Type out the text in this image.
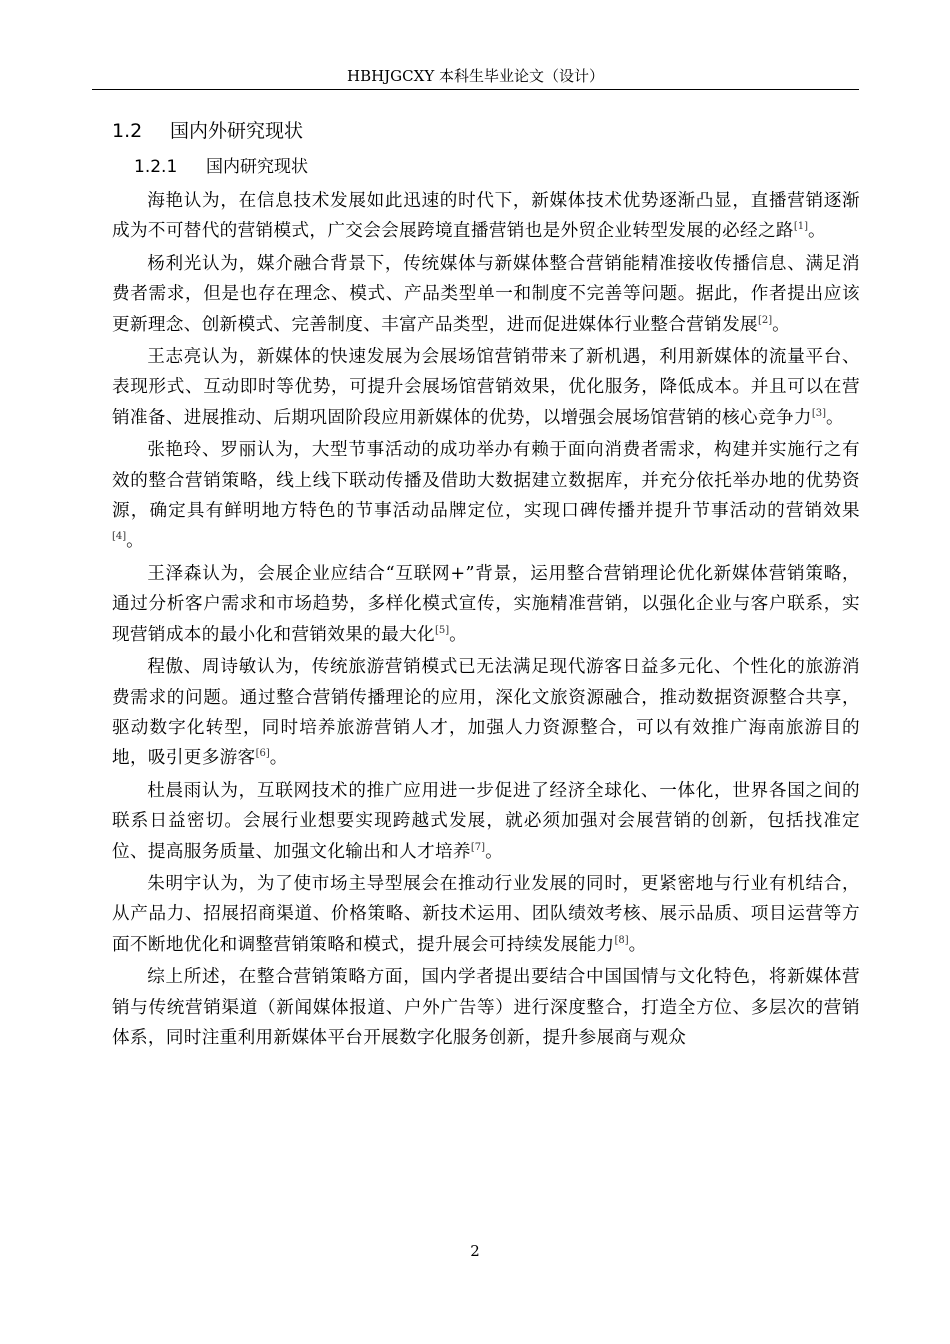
HBHJGCXY 本科生毕业论文（设计）
1.2	国内外研究现状
1.2.1	国内研究现状

海艳认为，在信息技术发展如此迅速的时代下，新媒体技术优势逐渐凸显，直播营销逐渐成为不可替代的营销模式，广交会会展跨境直播营销也是外贸企业转型发展的必经之路[1]。

杨利光认为，媒介融合背景下，传统媒体与新媒体整合营销能精准接收传播信息、满足消费者需求，但是也存在理念、模式、产品类型单一和制度不完善等问题。据此，作者提出应该更新理念、创新模式、完善制度、丰富产品类型，进而促进媒体行业整合营销发展[2]。

王志亮认为，新媒体的快速发展为会展场馆营销带来了新机遇，利用新媒体的流量平台、表现形式、互动即时等优势，可提升会展场馆营销效果，优化服务，降低成本。并且可以在营销准备、进展推动、后期巩固阶段应用新媒体的优势，以增强会展场馆营销的核心竞争力[3]。

张艳玲、罗丽认为，大型节事活动的成功举办有赖于面向消费者需求，构建并实施行之有效的整合营销策略，线上线下联动传播及借助大数据建立数据库，并充分依托举办地的优势资源，确定具有鲜明地方特色的节事活动品牌定位，实现口碑传播并提升节事活动的营销效果[4]。

王泽森认为，会展企业应结合“互联网+”背景，运用整合营销理论优化新媒体营销策略，通过分析客户需求和市场趋势，多样化模式宣传，实施精准营销，以强化企业与客户联系，实现营销成本的最小化和营销效果的最大化[5]。

程傲、周诗敏认为，传统旅游营销模式已无法满足现代游客日益多元化、个性化的旅游消费需求的问题。通过整合营销传播理论的应用，深化文旅资源融合，推动数据资源整合共享，驱动数字化转型，同时培养旅游营销人才，加强人力资源整合，可以有效推广海南旅游目的地，吸引更多游客[6]。

杜晨雨认为，互联网技术的推广应用进一步促进了经济全球化、一体化，世界各国之间的联系日益密切。会展行业想要实现跨越式发展，就必须加强对会展营销的创新，包括找准定位、提高服务质量、加强文化输出和人才培养[7]。

朱明宇认为，为了使市场主导型展会在推动行业发展的同时，更紧密地与行业有机结合，从产品力、招展招商渠道、价格策略、新技术运用、团队绩效考核、展示品质、项目运营等方面不断地优化和调整营销策略和模式，提升展会可持续发展能力[8]。

综上所述，在整合营销策略方面，国内学者提出要结合中国国情与文化特色，将新媒体营销与传统营销渠道（新闻媒体报道、户外广告等）进行深度整合，打造全方位、多层次的营销体系，同时注重利用新媒体平台开展数字化服务创新，提升参展商与观众

2
